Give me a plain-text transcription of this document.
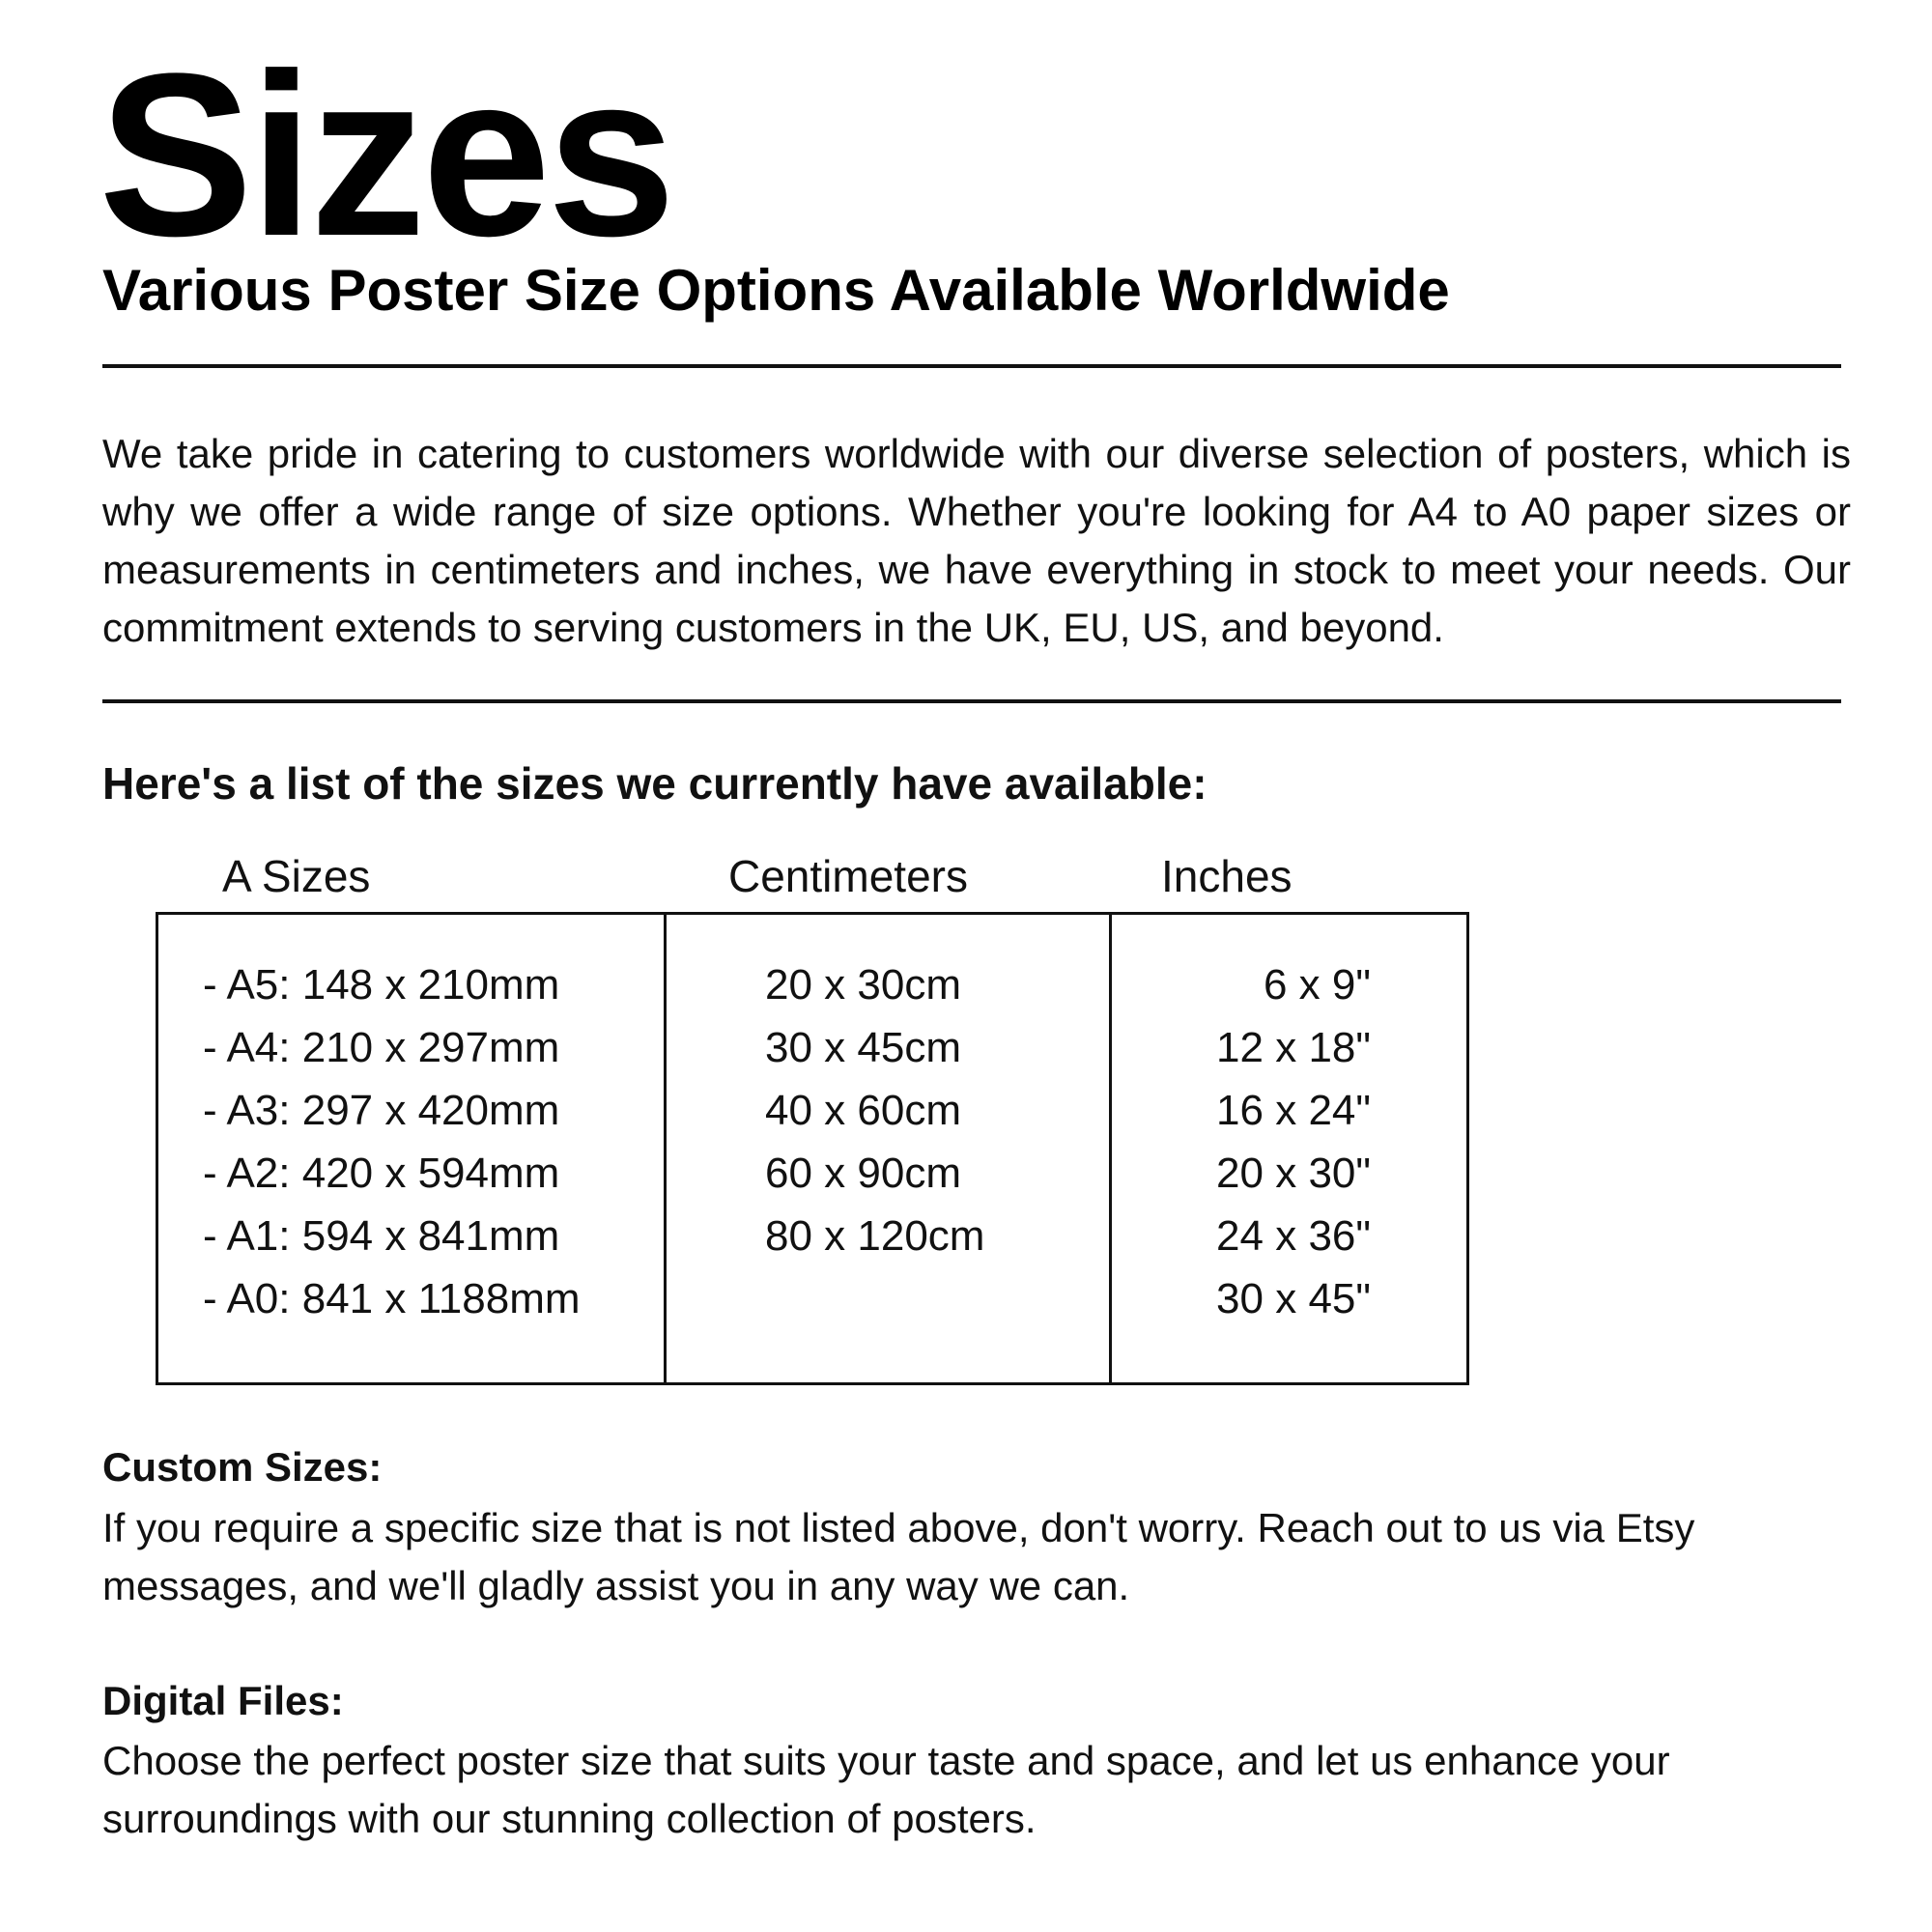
Sizes
Various Poster Size Options Available Worldwide

We take pride in catering to customers worldwide with our diverse selection of posters, which is why we offer a wide range of size options. Whether you're looking for A4 to A0 paper sizes or measurements in centimeters and inches, we have everything in stock to meet your needs. Our commitment extends to serving customers in the UK, EU, US, and beyond.

Here's a list of the sizes we currently have available:
A Sizes	Centimeters	Inches
- A5: 148 x 210mm
- A4: 210 x 297mm
- A3: 297 x 420mm
- A2: 420 x 594mm
- A1: 594 x 841mm
- A0: 841 x 1188mm
20 x 30cm
30 x 45cm
40 x 60cm
60 x 90cm
80 x 120cm
6 x 9"
12 x 18"
16 x 24"
20 x 30"
24 x 36"
30 x 45"
Custom Sizes:

If you require a specific size that is not listed above, don't worry. Reach out to us via Etsy messages, and we'll gladly assist you in any way we can.

Digital Files:

Choose the perfect poster size that suits your taste and space, and let us enhance your surroundings with our stunning collection of posters.
